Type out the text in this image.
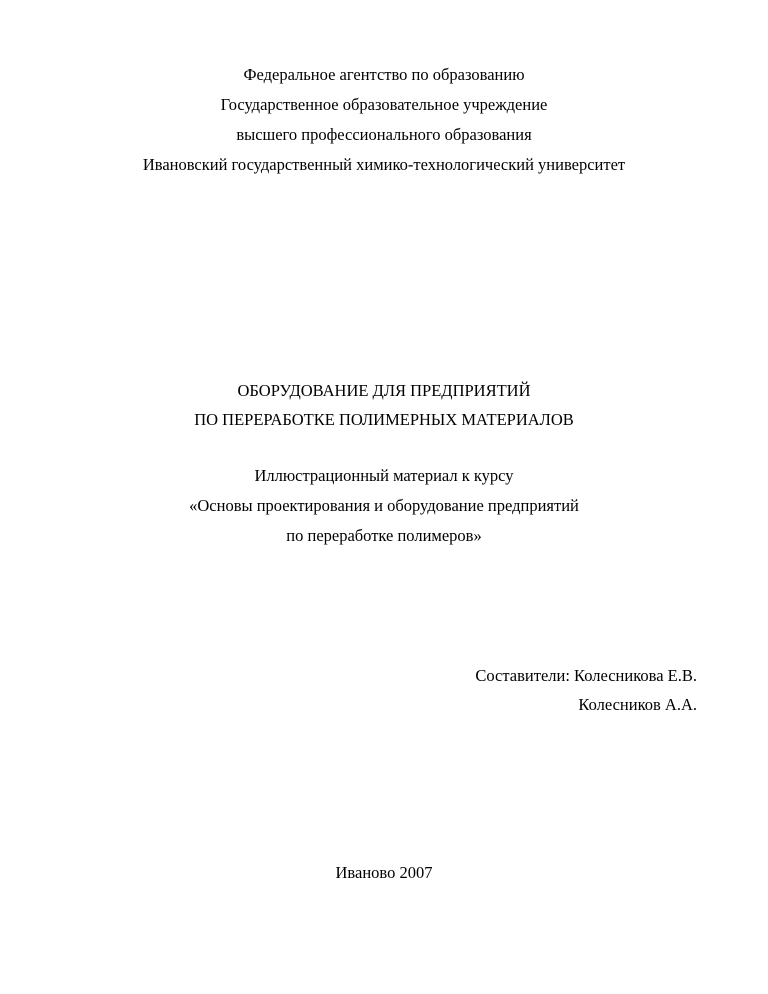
Федеральное агентство по образованию
Государственное образовательное учреждение
высшего профессионального образования
Ивановский государственный химико-технологический университет
ОБОРУДОВАНИЕ ДЛЯ ПРЕДПРИЯТИЙ
ПО ПЕРЕРАБОТКЕ ПОЛИМЕРНЫХ МАТЕРИАЛОВ
Иллюстрационный материал к курсу
«Основы проектирования и оборудование предприятий
по переработке полимеров»
Составители: Колесникова Е.В.
Колесников А.А.
Иваново 2007
